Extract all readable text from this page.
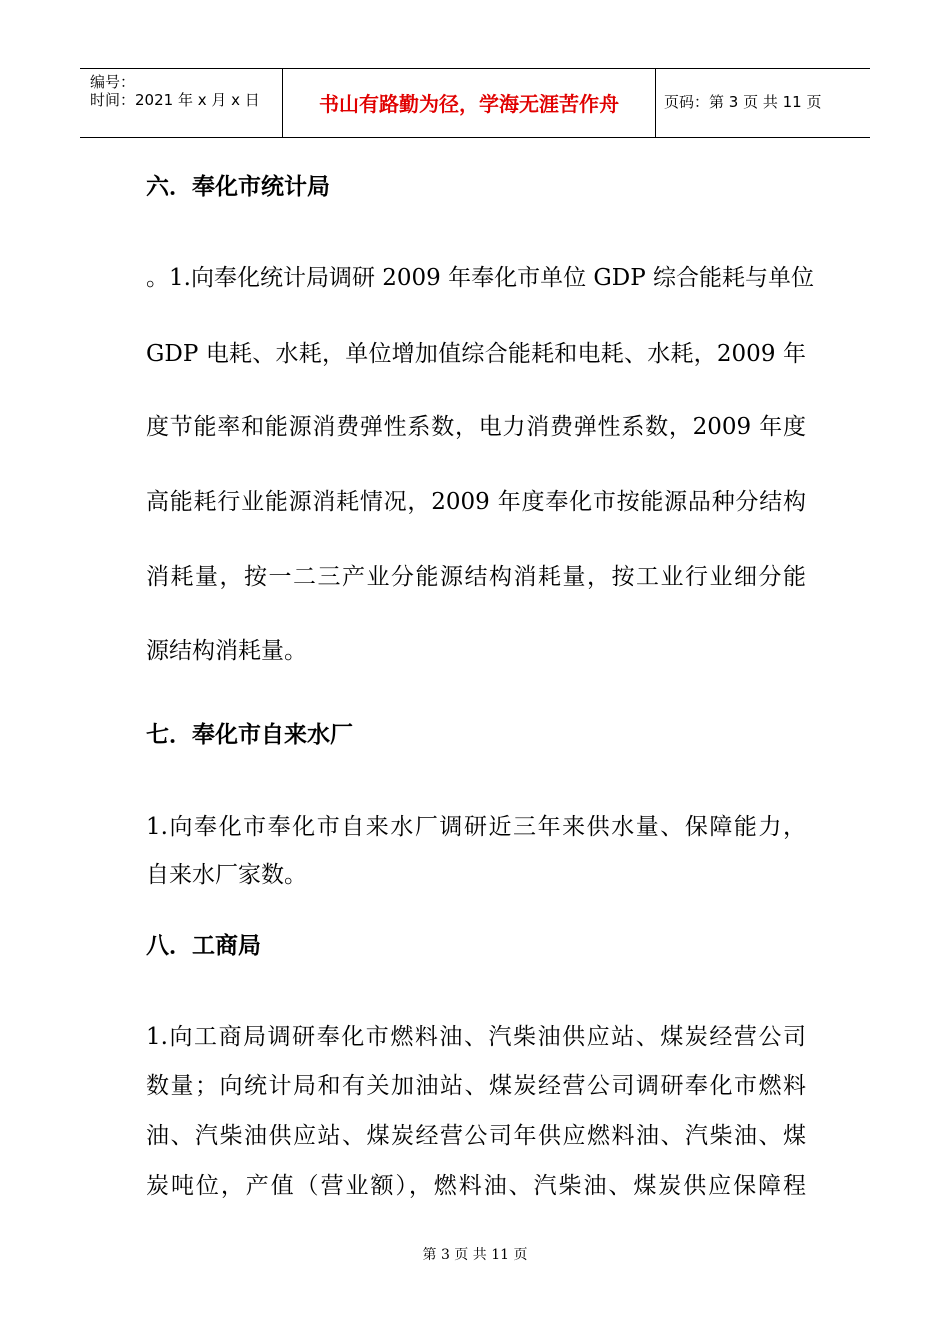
编号：
时间：2021 年 x 月 x 日	书山有路勤为径，学海无涯苦作舟	页码：第 3 页 共 11 页
六．奉化市统计局
。1.向奉化统计局调研 2009 年奉化市单位 GDP 综合能耗与单位
GDP 电耗、水耗，单位增加值综合能耗和电耗、水耗，2009 年
度节能率和能源消费弹性系数，电力消费弹性系数，2009 年度
高能耗行业能源消耗情况，2009 年度奉化市按能源品种分结构
消耗量，按一二三产业分能源结构消耗量，按工业行业细分能
源结构消耗量。
七．奉化市自来水厂
1.向奉化市奉化市自来水厂调研近三年来供水量、保障能力，
自来水厂家数。
八．工商局
1.向工商局调研奉化市燃料油、汽柴油供应站、煤炭经营公司
数量；向统计局和有关加油站、煤炭经营公司调研奉化市燃料
油、汽柴油供应站、煤炭经营公司年供应燃料油、汽柴油、煤
炭吨位，产值（营业额），燃料油、汽柴油、煤炭供应保障程
第 3 页 共 11 页
